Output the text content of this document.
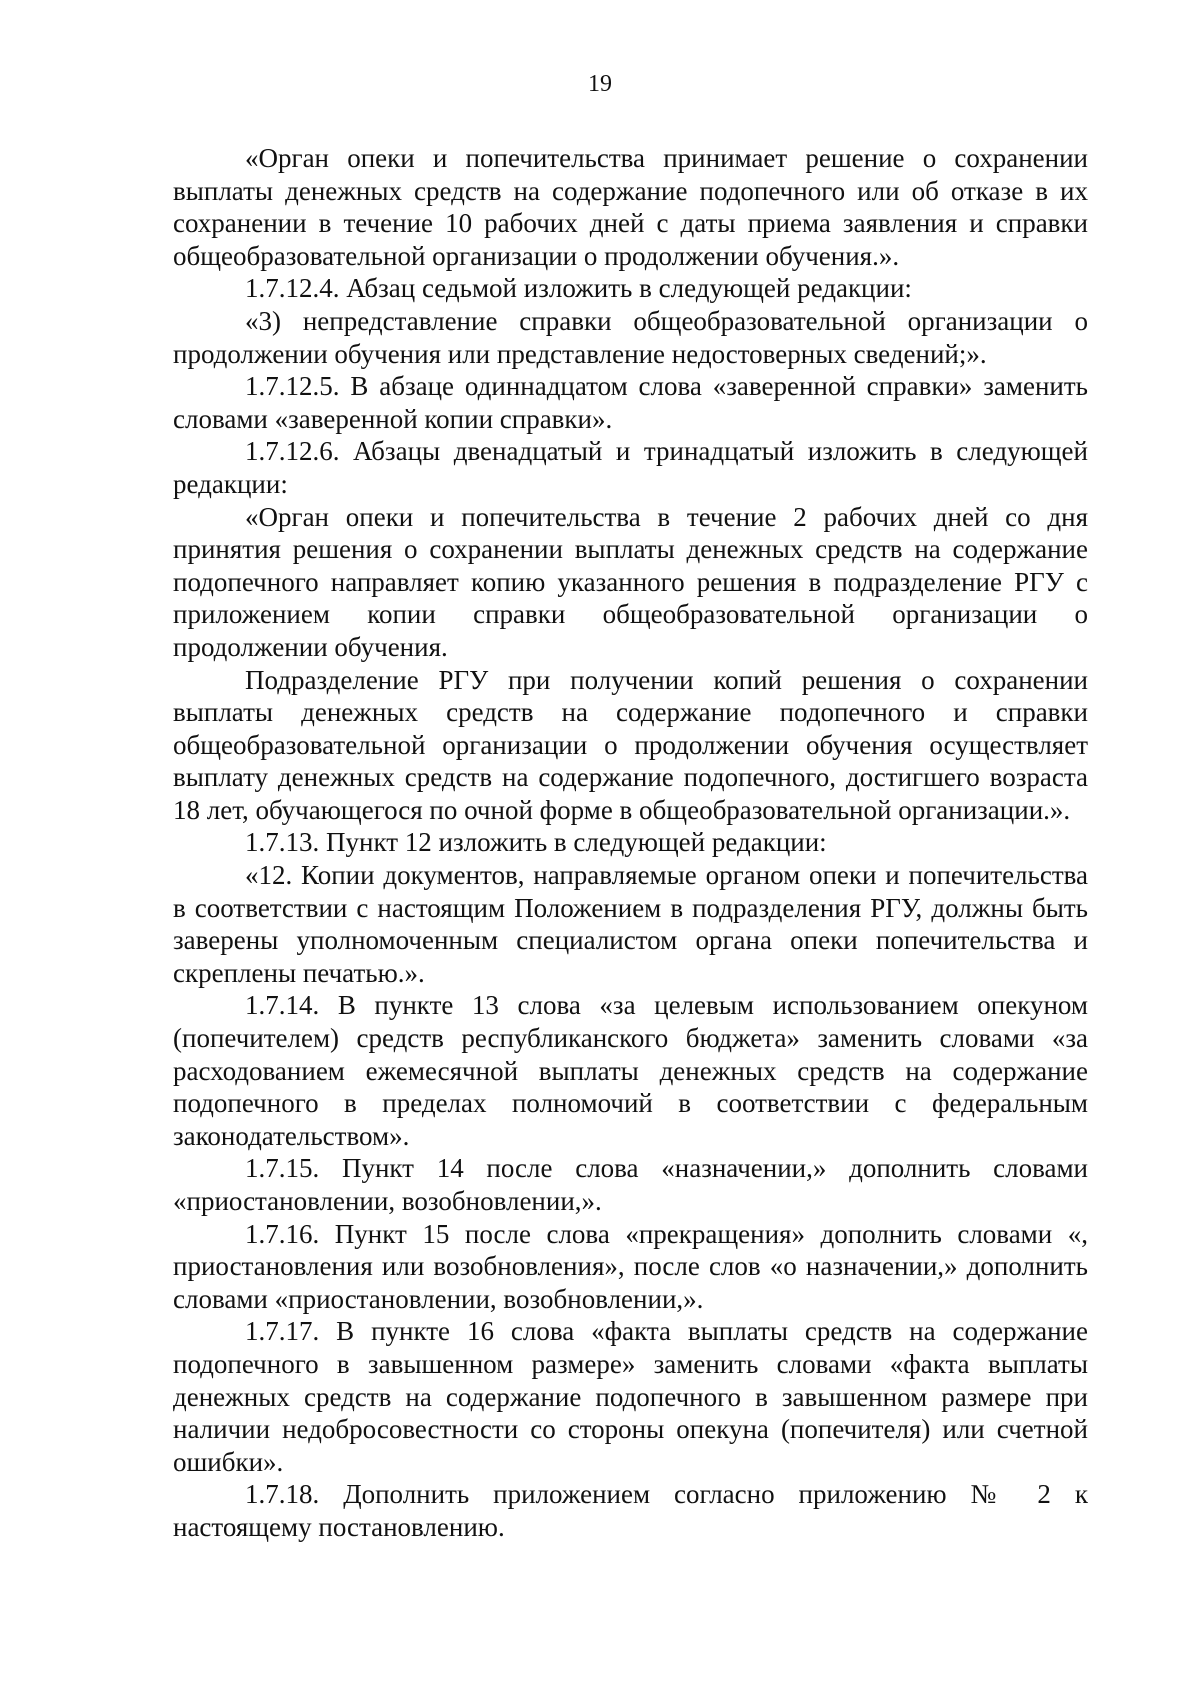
19

«Орган опеки и попечительства принимает решение о сохранении выплаты денежных средств на содержание подопечного или об отказе в их сохранении в течение 10 рабочих дней с даты приема заявления и справки общеобразовательной организации о продолжении обучения.».

1.7.12.4. Абзац седьмой изложить в следующей редакции:

«3) непредставление справки общеобразовательной организации о продолжении обучения или представление недостоверных сведений;».

1.7.12.5. В абзаце одиннадцатом слова «заверенной справки» заменить словами «заверенной копии справки».

1.7.12.6. Абзацы двенадцатый и тринадцатый изложить в следующей редакции:

«Орган опеки и попечительства в течение 2 рабочих дней со дня принятия решения о сохранении выплаты денежных средств на содержание подопечного направляет копию указанного решения в подразделение РГУ с приложением копии справки общеобразовательной организации о продолжении обучения.

Подразделение РГУ при получении копий решения о сохранении выплаты денежных средств на содержание подопечного и справки общеобразовательной организации о продолжении обучения осуществляет выплату денежных средств на содержание подопечного, достигшего возраста 18 лет, обучающегося по очной форме в общеобразовательной организации.».

1.7.13. Пункт 12 изложить в следующей редакции:

«12. Копии документов, направляемые органом опеки и попечительства в соответствии с настоящим Положением в подразделения РГУ, должны быть заверены уполномоченным специалистом органа опеки попечительства и скреплены печатью.».

1.7.14. В пункте 13 слова «за целевым использованием опекуном (попечителем) средств республиканского бюджета» заменить словами «за расходованием ежемесячной выплаты денежных средств на содержание подопечного в пределах полномочий в соответствии с федеральным законодательством».

1.7.15. Пункт 14 после слова «назначении,» дополнить словами «приостановлении, возобновлении,».

1.7.16. Пункт 15 после слова «прекращения» дополнить словами «, приостановления или возобновления», после слов «о назначении,» дополнить словами «приостановлении, возобновлении,».

1.7.17. В пункте 16 слова «факта выплаты средств на содержание подопечного в завышенном размере» заменить словами «факта выплаты денежных средств на содержание подопечного в завышенном размере при наличии недобросовестности со стороны опекуна (попечителя) или счетной ошибки».

1.7.18. Дополнить приложением согласно приложению № 2 к настоящему постановлению.
